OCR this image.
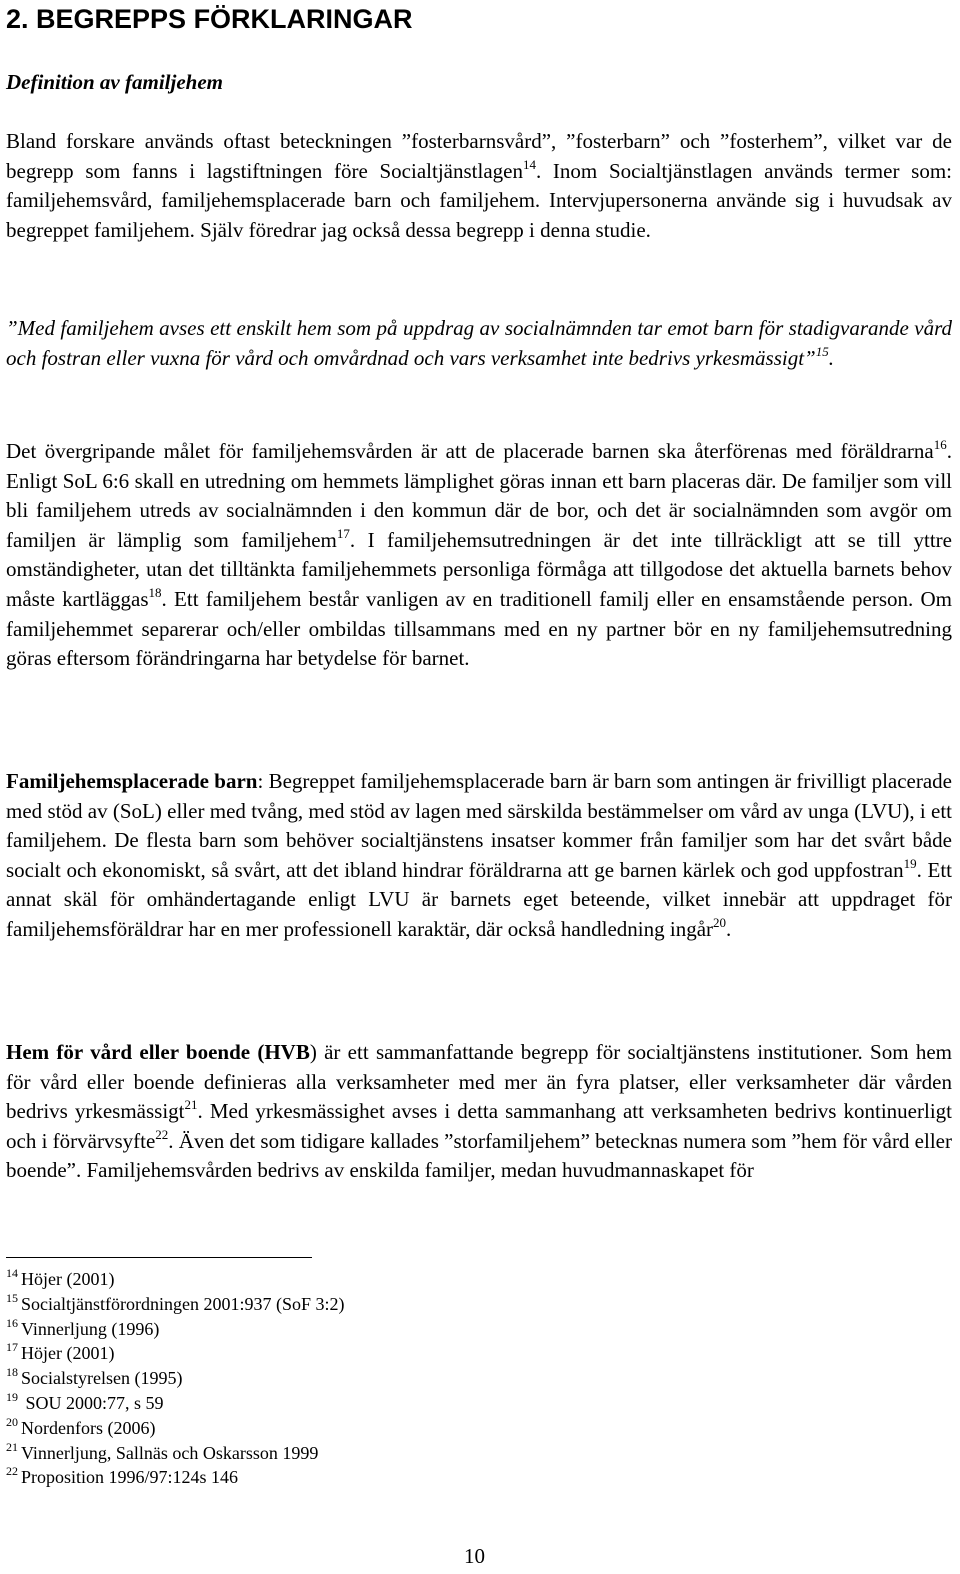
2. BEGREPPS FÖRKLARINGAR

Definition av familjehem

Bland forskare används oftast beteckningen ”fosterbarnsvård”, ”fosterbarn” och ”fosterhem”, vilket var de begrepp som fanns i lagstiftningen före Socialtjänstlagen$^{14}$. Inom Socialtjänstlagen används termer som: familjehemsvård, familjehemsplacerade barn och familjehem. Intervjupersonerna använde sig i huvudsak av begreppet familjehem. Själv föredrar jag också dessa begrepp i denna studie.

”Med familjehem avses ett enskilt hem som på uppdrag av socialnämnden tar emot barn för stadigvarande vård och fostran eller vuxna för vård och omvårdnad och vars verksamhet inte bedrivs yrkesmässigt”$^{15}$.

Det övergripande målet för familjehemsvården är att de placerade barnen ska återförenas med föräldrarna$^{16}$. Enligt SoL 6:6 skall en utredning om hemmets lämplighet göras innan ett barn placeras där. De familjer som vill bli familjehem utreds av socialnämnden i den kommun där de bor, och det är socialnämnden som avgör om familjen är lämplig som familjehem$^{17}$. I familjehemsutredningen är det inte tillräckligt att se till yttre omständigheter, utan det tilltänkta familjehemmets personliga förmåga att tillgodose det aktuella barnets behov måste kartläggas$^{18}$. Ett familjehem består vanligen av en traditionell familj eller en ensamstående person. Om familjehemmet separerar och/eller ombildas tillsammans med en ny partner bör en ny familjehemsutredning göras eftersom förändringarna har betydelse för barnet.

Familjehemsplacerade barn: Begreppet familjehemsplacerade barn är barn som antingen är frivilligt placerade med stöd av (SoL) eller med tvång, med stöd av lagen med särskilda bestämmelser om vård av unga (LVU), i ett familjehem. De flesta barn som behöver socialtjänstens insatser kommer från familjer som har det svårt både socialt och ekonomiskt, så svårt, att det ibland hindrar föräldrarna att ge barnen kärlek och god uppfostran$^{19}$. Ett annat skäl för omhändertagande enligt LVU är barnets eget beteende, vilket innebär att uppdraget för familjehemsföräldrar har en mer professionell karaktär, där också handledning ingår$^{20}$.

Hem för vård eller boende (HVB) är ett sammanfattande begrepp för socialtjänstens institutioner. Som hem för vård eller boende definieras alla verksamheter med mer än fyra platser, eller verksamheter där vården bedrivs yrkesmässigt$^{21}$. Med yrkesmässighet avses i detta sammanhang att verksamheten bedrivs kontinuerligt och i förvärvsyfte$^{22}$. Även det som tidigare kallades ”storfamiljehem” betecknas numera som ”hem för vård eller boende”. Familjehemsvården bedrivs av enskilda familjer, medan huvudmannaskapet för

$^{14}$ Höjer (2001)
$^{15}$ Socialtjänstförordningen 2001:937 (SoF 3:2)
$^{16}$ Vinnerljung (1996)
$^{17}$ Höjer (2001)
$^{18}$ Socialstyrelsen (1995)
$^{19}$ SOU 2000:77, s 59
$^{20}$ Nordenfors (2006)
$^{21}$ Vinnerljung, Sallnäs och Oskarsson 1999
$^{22}$ Proposition 1996/97:124s 146

10
